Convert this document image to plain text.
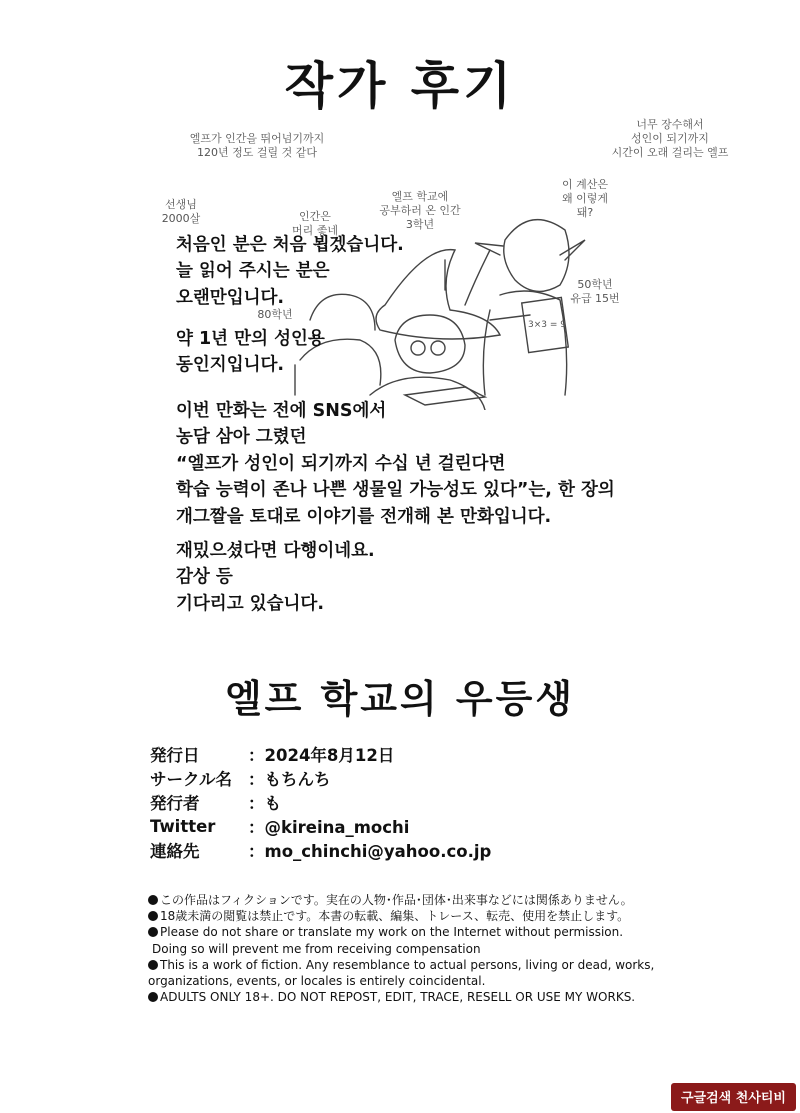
작가 후기
엘프가 인간을 뛰어넘기까지
120년 정도 걸릴 것 같다
너무 장수해서
성인이 되기까지
시간이 오래 걸리는 엘프
선생님
2000살	인간은
머리 좋네
엘프 학교에
공부하러 온 인간
3학년
이 계산은
왜 이렇게
돼?
80학년
50학년
유급 15번
3×3 = 9
처음인 분은 처음 뵙겠습니다.
늘 읽어 주시는 분은
오랜만입니다.
약 1년 만의 성인용
동인지입니다.
이번 만화는 전에 SNS에서
농담 삼아 그렸던
“엘프가 성인이 되기까지 수십 년 걸린다면
학습 능력이 존나 나쁜 생물일 가능성도 있다”는, 한 장의
개그짤을 토대로 이야기를 전개해 본 만화입니다.
재밌으셨다면 다행이네요.
감상 등
기다리고 있습니다.
엘프 학교의 우등생
発行日	：2024年8月12日
サークル名 ：もちんち
発行者	：も
Twitter	：@kireina_mochi
連絡先	：mo_chinchi@yahoo.co.jp
この作品はフィクションです。実在の人物･作品･団体･出来事などには関係ありません。
18歳未満の閲覧は禁止です。本書の転載、編集、トレース、転売、使用を禁止します。
Please do not share or translate my work on the Internet without permission.
Doing so will prevent me from receiving compensation
This is a work of fiction. Any resemblance to actual persons, living or dead, works,
organizations, events, or locales is entirely coincidental.
ADULTS ONLY 18+. DO NOT REPOST, EDIT, TRACE, RESELL OR USE MY WORKS.
구글검색 천사티비
